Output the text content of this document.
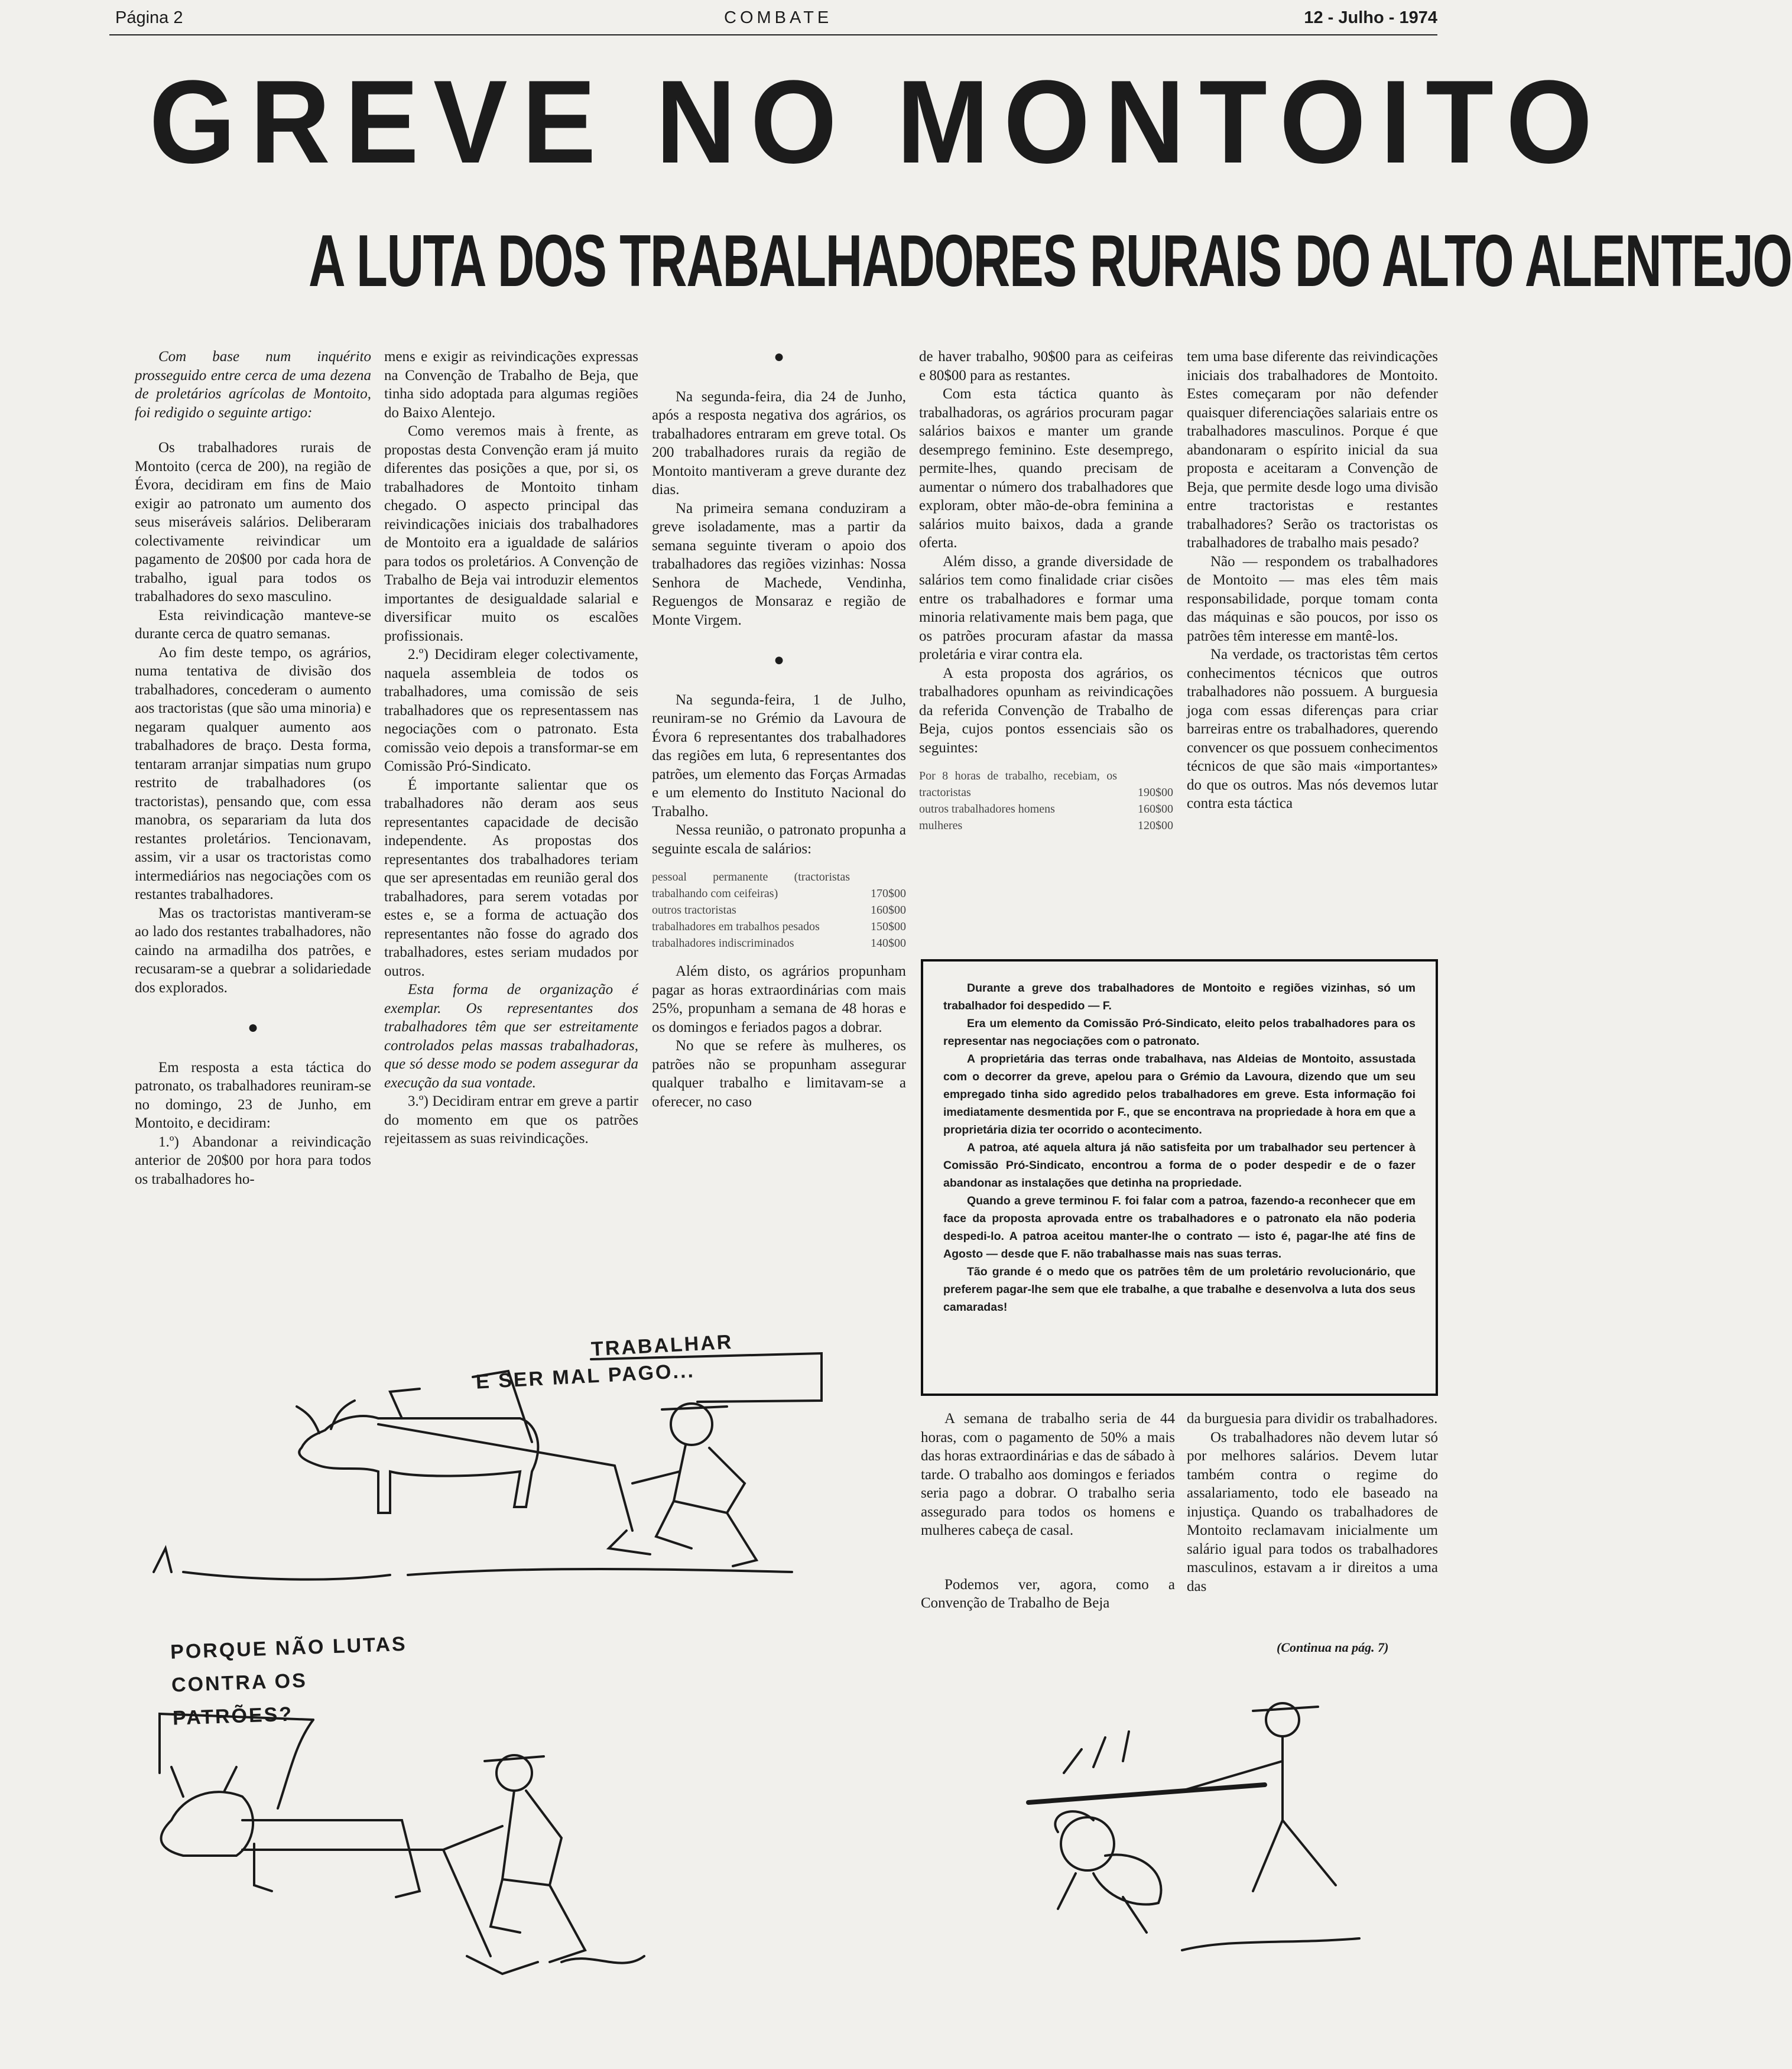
Página 2	COMBATE	12 - Julho - 1974
GREVE NO MONTOITO
A LUTA DOS TRABALHADORES RURAIS DO ALTO ALENTEJO

Com base num inquérito prosseguido entre cerca de uma dezena de proletários agrícolas de Montoito, foi redigido o seguinte artigo:

Os trabalhadores rurais de Montoito (cerca de 200), na região de Évora, decidiram em fins de Maio exigir ao patronato um aumento dos seus miseráveis salários. Deliberaram colectivamente reivindicar um pagamento de 20$00 por cada hora de trabalho, igual para todos os trabalhadores do sexo masculino.

Esta reivindicação manteve-se durante cerca de quatro semanas.

Ao fim deste tempo, os agrários, numa tentativa de divisão dos trabalhadores, concederam o aumento aos tractoristas (que são uma minoria) e negaram qualquer aumento aos trabalhadores de braço. Desta forma, tentaram arranjar simpatias num grupo restrito de trabalhadores (os tractoristas), pensando que, com essa manobra, os separariam da luta dos restantes proletários. Tencionavam, assim, vir a usar os tractoristas como intermediários nas negociações com os restantes trabalhadores.

Mas os tractoristas mantiveram-se ao lado dos restantes trabalhadores, não caindo na armadilha dos patrões, e recusaram-se a quebrar a solidariedade dos explorados.

●

Em resposta a esta táctica do patronato, os trabalhadores reuniram-se no domingo, 23 de Junho, em Montoito, e decidiram:

1.º) Abandonar a reivindicação anterior de 20$00 por hora para todos os trabalhadores ho-

mens e exigir as reivindicações expressas na Convenção de Trabalho de Beja, que tinha sido adoptada para algumas regiões do Baixo Alentejo.

Como veremos mais à frente, as propostas desta Convenção eram já muito diferentes das posições a que, por si, os trabalhadores de Montoito tinham chegado. O aspecto principal das reivindicações iniciais dos trabalhadores de Montoito era a igualdade de salários para todos os proletários. A Convenção de Trabalho de Beja vai introduzir elementos importantes de desigualdade salarial e diversificar muito os escalões profissionais.

2.º) Decidiram eleger colectivamente, naquela assembleia de todos os trabalhadores, uma comissão de seis trabalhadores que os representassem nas negociações com o patronato. Esta comissão veio depois a transformar-se em Comissão Pró-Sindicato.

É importante salientar que os trabalhadores não deram aos seus representantes capacidade de decisão independente. As propostas dos representantes dos trabalhadores teriam que ser apresentadas em reunião geral dos trabalhadores, para serem votadas por estes e, se a forma de actuação dos representantes não fosse do agrado dos trabalhadores, estes seriam mudados por outros.

Esta forma de organização é exemplar. Os representantes dos trabalhadores têm que ser estreitamente controlados pelas massas trabalhadoras, que só desse modo se podem assegurar da execução da sua vontade.

3.º) Decidiram entrar em greve a partir do momento em que os patrões rejeitassem as suas reivindicações.

●

Na segunda-feira, dia 24 de Junho, após a resposta negativa dos agrários, os trabalhadores entraram em greve total. Os 200 trabalhadores rurais da região de Montoito mantiveram a greve durante dez dias.

Na primeira semana conduziram a greve isoladamente, mas a partir da semana seguinte tiveram o apoio dos trabalhadores das regiões vizinhas: Nossa Senhora de Machede, Vendinha, Reguengos de Monsaraz e região de Monte Virgem.

●

Na segunda-feira, 1 de Julho, reuniram-se no Grémio da Lavoura de Évora 6 representantes dos trabalhadores das regiões em luta, 6 representantes dos patrões, um elemento das Forças Armadas e um elemento do Instituto Nacional do Trabalho.

Nessa reunião, o patronato propunha a seguinte escala de salários:

pessoal permanente (tractoristas trabalhando com ceifeiras)	170$00
outros tractoristas	160$00
trabalhadores em trabalhos pesados	150$00
trabalhadores indiscriminados	140$00

Além disto, os agrários propunham pagar as horas extraordinárias com mais 25%, propunham a semana de 48 horas e os domingos e feriados pagos a dobrar.

No que se refere às mulheres, os patrões não se propunham assegurar qualquer trabalho e limitavam-se a oferecer, no caso

de haver trabalho, 90$00 para as ceifeiras e 80$00 para as restantes.

Com esta táctica quanto às trabalhadoras, os agrários procuram pagar salários baixos e manter um grande desemprego feminino. Este desemprego, permite-lhes, quando precisam de aumentar o número dos trabalhadores que exploram, obter mão-de-obra feminina a salários muito baixos, dada a grande oferta.

Além disso, a grande diversidade de salários tem como finalidade criar cisões entre os trabalhadores e formar uma minoria relativamente mais bem paga, que os patrões procuram afastar da massa proletária e virar contra ela.

A esta proposta dos agrários, os trabalhadores opunham as reivindicações da referida Convenção de Trabalho de Beja, cujos pontos essenciais são os seguintes:

Por 8 horas de trabalho, recebiam, os tractoristas	190$00
outros trabalhadores homens	160$00
mulheres	120$00

tem uma base diferente das reivindicações iniciais dos trabalhadores de Montoito. Estes começaram por não defender quaisquer diferenciações salariais entre os trabalhadores masculinos. Porque é que abandonaram o espírito inicial da sua proposta e aceitaram a Convenção de Beja, que permite desde logo uma divisão entre tractoristas e restantes trabalhadores? Serão os tractoristas os trabalhadores de trabalho mais pesado?

Não — respondem os trabalhadores de Montoito — mas eles têm mais responsabilidade, porque tomam conta das máquinas e são poucos, por isso os patrões têm interesse em mantê-los.

Na verdade, os tractoristas têm certos conhecimentos técnicos que outros trabalhadores não possuem. A burguesia joga com essas diferenças para criar barreiras entre os trabalhadores, querendo convencer os que possuem conhecimentos técnicos de que são mais «importantes» do que os outros. Mas nós devemos lutar contra esta táctica

Durante a greve dos trabalhadores de Montoito e regiões vizinhas, só um trabalhador foi despedido — F.

Era um elemento da Comissão Pró-Sindicato, eleito pelos trabalhadores para os representar nas negociações com o patronato.

A proprietária das terras onde trabalhava, nas Aldeias de Montoito, assustada com o decorrer da greve, apelou para o Grémio da Lavoura, dizendo que um seu empregado tinha sido agredido pelos trabalhadores em greve. Esta informação foi imediatamente desmentida por F., que se encontrava na propriedade à hora em que a proprietária dizia ter ocorrido o acontecimento.

A patroa, até aquela altura já não satisfeita por um trabalhador seu pertencer à Comissão Pró-Sindicato, encontrou a forma de o poder despedir e de o fazer abandonar as instalações que detinha na propriedade.

Quando a greve terminou F. foi falar com a patroa, fazendo-a reconhecer que em face da proposta aprovada entre os trabalhadores e o patronato ela não poderia despedi-lo. A patroa aceitou manter-lhe o contrato — isto é, pagar-lhe até fins de Agosto — desde que F. não trabalhasse mais nas suas terras.

Tão grande é o medo que os patrões têm de um proletário revolucionário, que preferem pagar-lhe sem que ele trabalhe, a que trabalhe e desenvolva a luta dos seus camaradas!

A semana de trabalho seria de 44 horas, com o pagamento de 50% a mais das horas extraordinárias e das de sábado à tarde. O trabalho aos domingos e feriados seria pago a dobrar. O trabalho seria assegurado para todos os homens e mulheres cabeça de casal.

Podemos ver, agora, como a Convenção de Trabalho de Beja

da burguesia para dividir os trabalhadores.

Os trabalhadores não devem lutar só por melhores salários. Devem lutar também contra o regime do assalariamento, todo ele baseado na injustiça. Quando os trabalhadores de Montoito reclamavam inicialmente um salário igual para todos os trabalhadores masculinos, estavam a ir direitos a uma das

(Continua na pág. 7)
TRABALHAR
E SER MAL PAGO...
PORQUE NÃO LUTAS CONTRA OS PATRÕES?
